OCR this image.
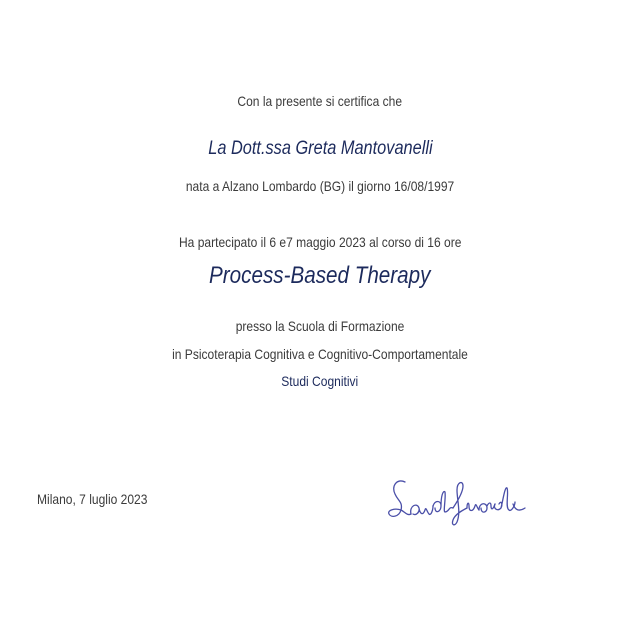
Con la presente si certifica che
La Dott.ssa Greta Mantovanelli
nata a Alzano Lombardo (BG) il giorno 16/08/1997
Ha partecipato il 6 e7 maggio 2023 al corso di 16 ore
Process-Based Therapy
presso la Scuola di Formazione
in Psicoterapia Cognitiva e Cognitivo-Comportamentale
Studi Cognitivi
Milano, 7 luglio 2023
